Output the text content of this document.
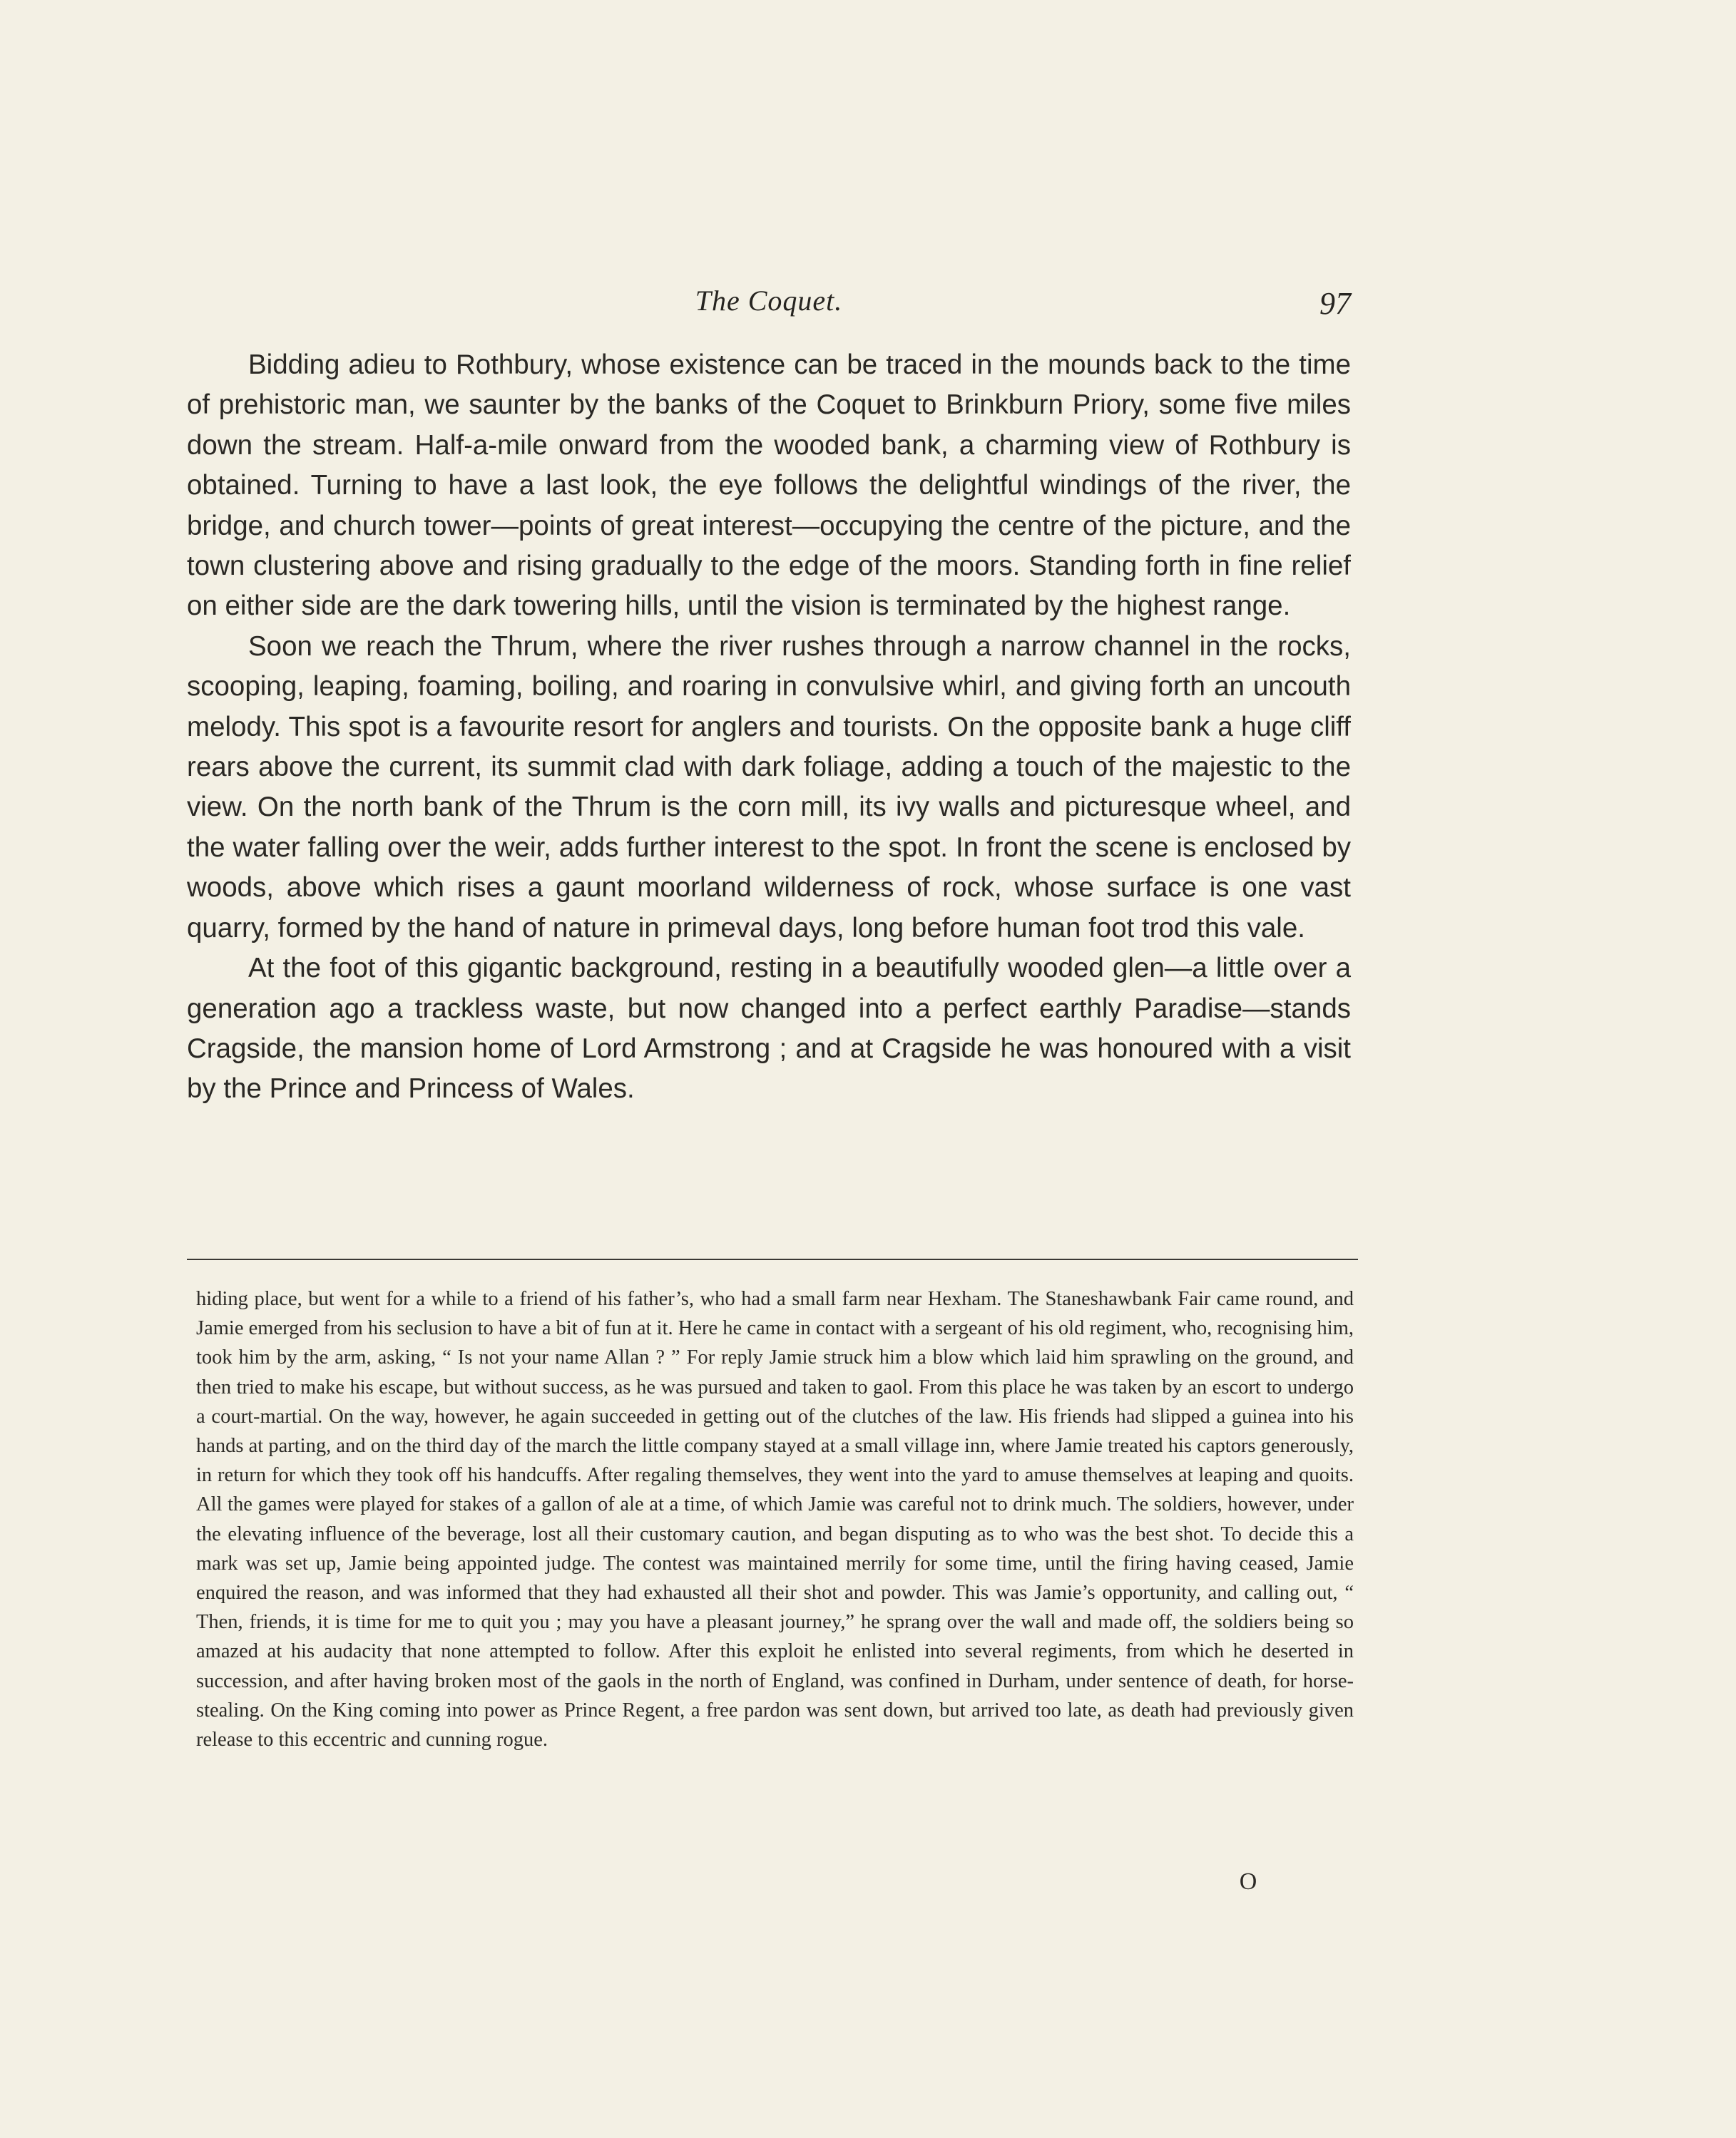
The Coquet.	97

Bidding adieu to Rothbury, whose existence can be traced in the mounds back to the time of prehistoric man, we saunter by the banks of the Coquet to Brinkburn Priory, some five miles down the stream. Half-a-mile onward from the wooded bank, a charming view of Rothbury is obtained. Turning to have a last look, the eye follows the delightful windings of the river, the bridge, and church tower—points of great interest—occupying the centre of the picture, and the town clustering above and rising gradually to the edge of the moors. Standing forth in fine relief on either side are the dark towering hills, until the vision is terminated by the highest range.

Soon we reach the Thrum, where the river rushes through a narrow channel in the rocks, scooping, leaping, foaming, boiling, and roaring in convulsive whirl, and giving forth an uncouth melody. This spot is a favourite resort for anglers and tourists. On the opposite bank a huge cliff rears above the current, its summit clad with dark foliage, adding a touch of the majestic to the view. On the north bank of the Thrum is the corn mill, its ivy walls and picturesque wheel, and the water falling over the weir, adds further interest to the spot. In front the scene is enclosed by woods, above which rises a gaunt moorland wilderness of rock, whose surface is one vast quarry, formed by the hand of nature in primeval days, long before human foot trod this vale.

At the foot of this gigantic background, resting in a beautifully wooded glen—a little over a generation ago a trackless waste, but now changed into a perfect earthly Paradise—stands Cragside, the mansion home of Lord Armstrong ; and at Cragside he was honoured with a visit by the Prince and Princess of Wales.

hiding place, but went for a while to a friend of his father’s, who had a small farm near Hexham. The Staneshawbank Fair came round, and Jamie emerged from his seclusion to have a bit of fun at it. Here he came in contact with a sergeant of his old regiment, who, recognising him, took him by the arm, asking, “ Is not your name Allan ? ” For reply Jamie struck him a blow which laid him sprawling on the ground, and then tried to make his escape, but without success, as he was pursued and taken to gaol. From this place he was taken by an escort to undergo a court-martial. On the way, however, he again succeeded in getting out of the clutches of the law. His friends had slipped a guinea into his hands at parting, and on the third day of the march the little company stayed at a small village inn, where Jamie treated his captors generously, in return for which they took off his handcuffs. After regaling themselves, they went into the yard to amuse themselves at leaping and quoits. All the games were played for stakes of a gallon of ale at a time, of which Jamie was careful not to drink much. The soldiers, however, under the elevating influence of the beverage, lost all their customary caution, and began disputing as to who was the best shot. To decide this a mark was set up, Jamie being appointed judge. The contest was maintained merrily for some time, until the firing having ceased, Jamie enquired the reason, and was informed that they had exhausted all their shot and powder. This was Jamie’s opportunity, and calling out, “ Then, friends, it is time for me to quit you ; may you have a pleasant journey,” he sprang over the wall and made off, the soldiers being so amazed at his audacity that none attempted to follow. After this exploit he enlisted into several regiments, from which he deserted in succession, and after having broken most of the gaols in the north of England, was confined in Durham, under sentence of death, for horse-stealing. On the King coming into power as Prince Regent, a free pardon was sent down, but arrived too late, as death had previously given release to this eccentric and cunning rogue.

O
